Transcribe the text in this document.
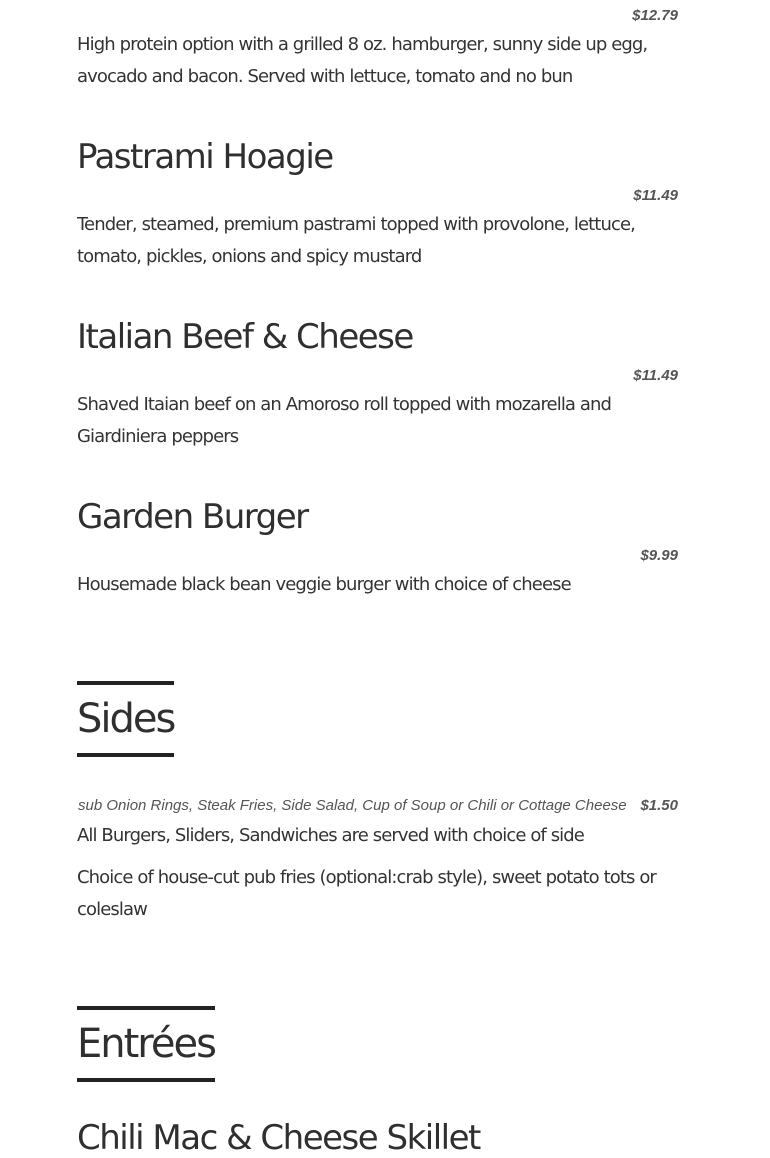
$12.79

High protein option with a grilled 8 oz. hamburger, sunny side up egg, avocado and bacon. Served with lettuce, tomato and no bun

Pastrami Hoagie
$11.49

Tender, steamed, premium pastrami topped with provolone, lettuce, tomato, pickles, onions and spicy mustard

Italian Beef & Cheese
$11.49

Shaved Itaian beef on an Amoroso roll topped with mozarella and Giardiniera peppers

Garden Burger
$9.99

Housemade black bean veggie burger with choice of cheese

Sides
sub Onion Rings, Steak Fries, Side Salad, Cup of Soup or Chili or Cottage Cheese $1.50

All Burgers, Sliders, Sandwiches are served with choice of side

Choice of house-cut pub fries (optional:crab style), sweet potato tots or coleslaw

Entrées
Chili Mac & Cheese Skillet
